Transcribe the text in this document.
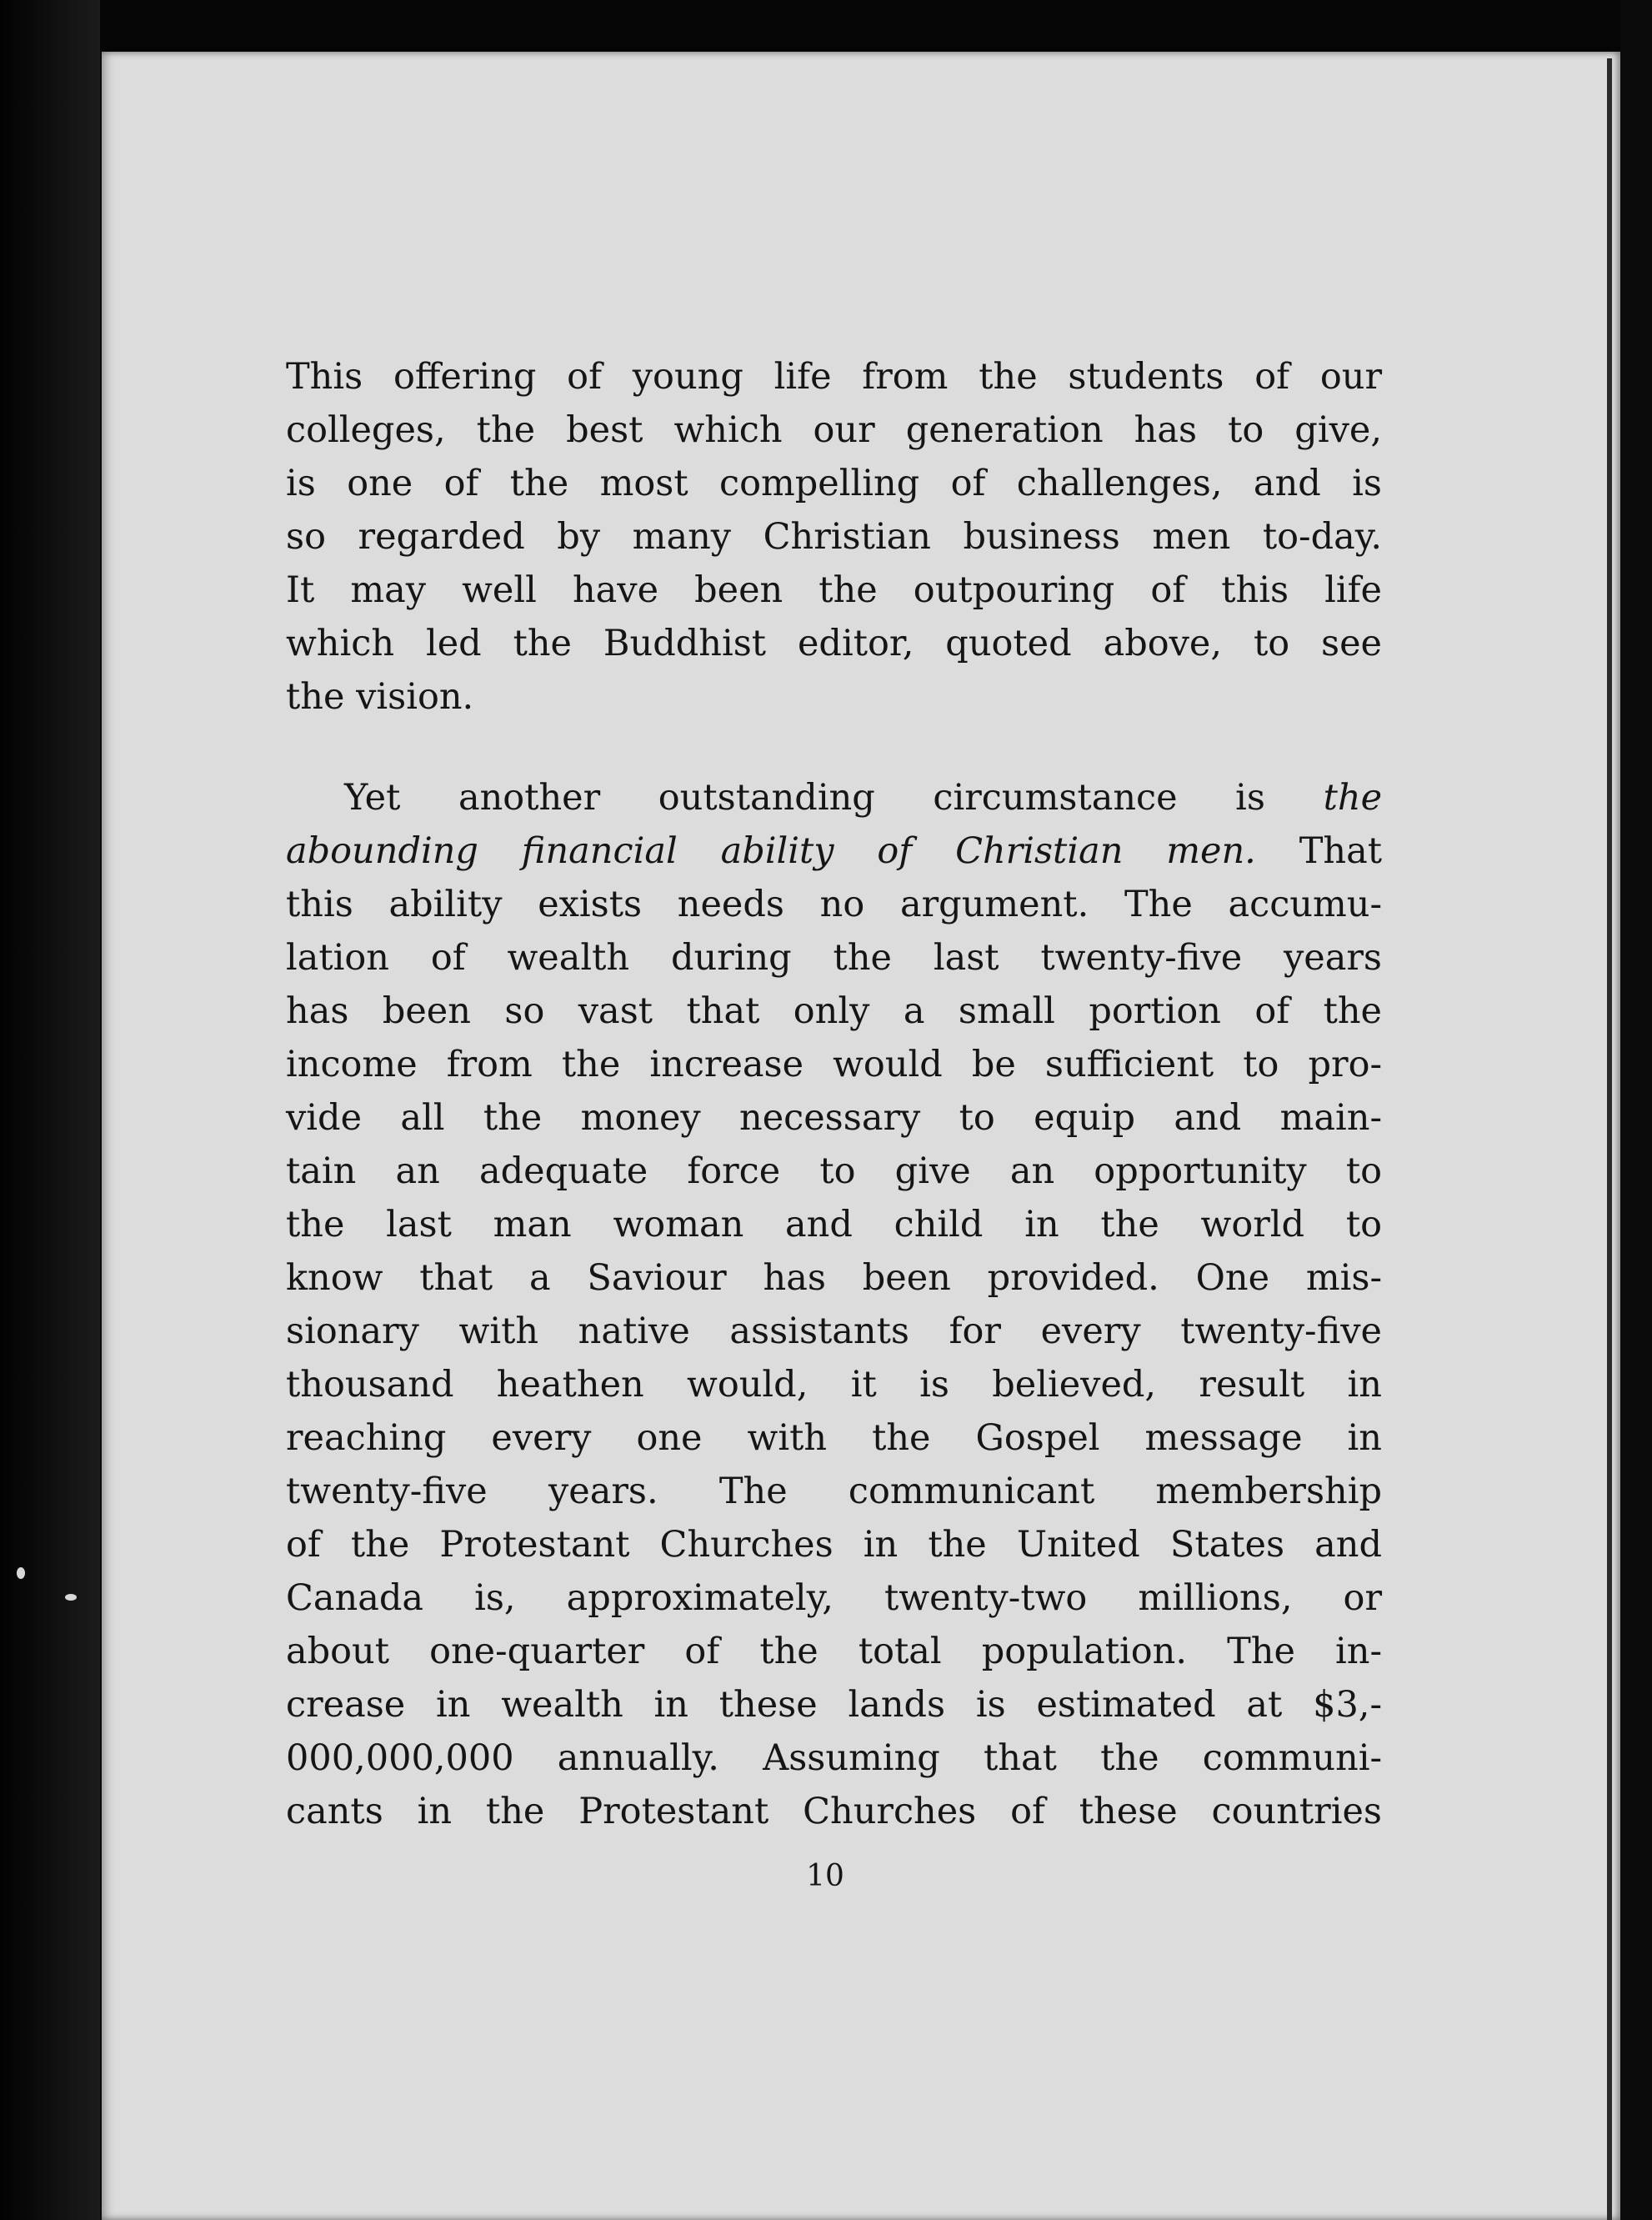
This offering of young life from the students of our
colleges, the best which our generation has to give,
is one of the most compelling of challenges, and is
so regarded by many Christian business men to-day.
It may well have been the outpouring of this life
which led the Buddhist editor, quoted above, to see
the vision.
Yet another outstanding circumstance is the
abounding financial ability of Christian men. That
this ability exists needs no argument. The accumu-
lation of wealth during the last twenty-five years
has been so vast that only a small portion of the
income from the increase would be sufficient to pro-
vide all the money necessary to equip and main-
tain an adequate force to give an opportunity to
the last man woman and child in the world to
know that a Saviour has been provided. One mis-
sionary with native assistants for every twenty-five
thousand heathen would, it is believed, result in
reaching every one with the Gospel message in
twenty-five years. The communicant membership
of the Protestant Churches in the United States and
Canada is, approximately, twenty-two millions, or
about one-quarter of the total population. The in-
crease in wealth in these lands is estimated at $3,-
000,000,000 annually. Assuming that the communi-
cants in the Protestant Churches of these countries
10
